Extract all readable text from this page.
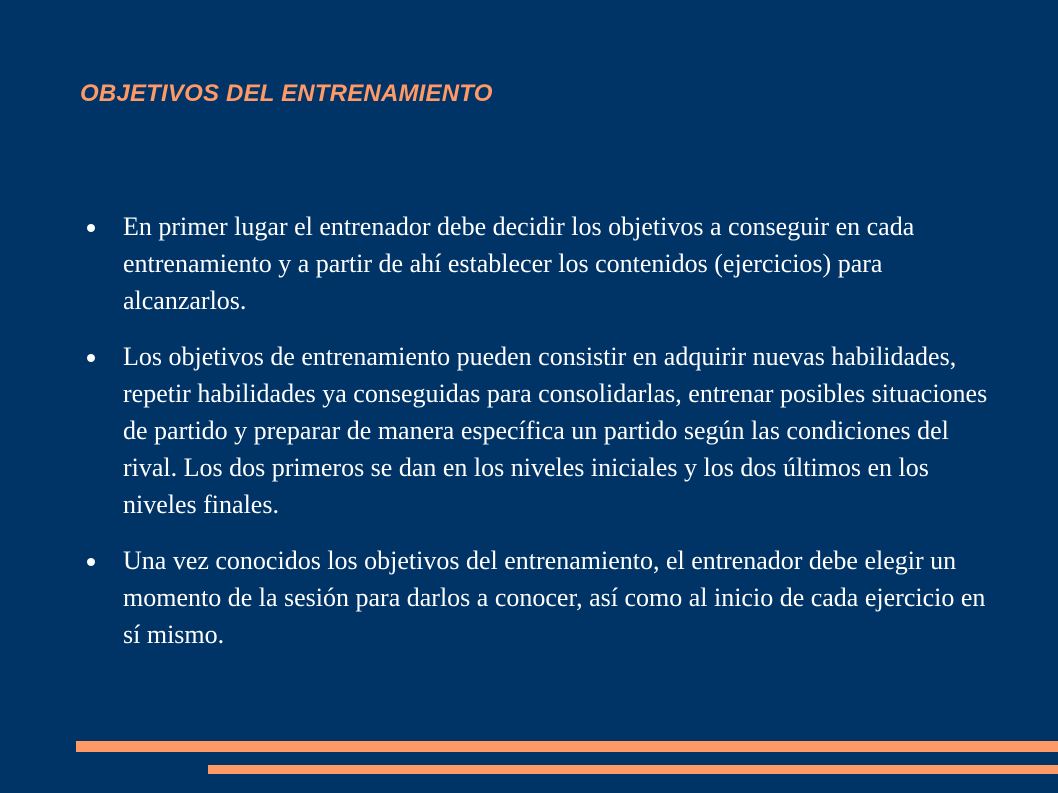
OBJETIVOS DEL ENTRENAMIENTO
En primer lugar el entrenador debe decidir los objetivos a conseguir en cada entrenamiento y a partir de ahí establecer los contenidos (ejercicios) para alcanzarlos.
Los objetivos de entrenamiento pueden consistir en adquirir nuevas habilidades, repetir habilidades ya conseguidas para consolidarlas, entrenar posibles situaciones de partido y preparar de manera específica un partido según las condiciones del rival. Los dos primeros se dan en los niveles iniciales y los dos últimos en los niveles finales.
Una vez conocidos los objetivos del entrenamiento, el entrenador debe elegir un momento de la sesión para darlos a conocer, así como al inicio de cada ejercicio en sí mismo.
